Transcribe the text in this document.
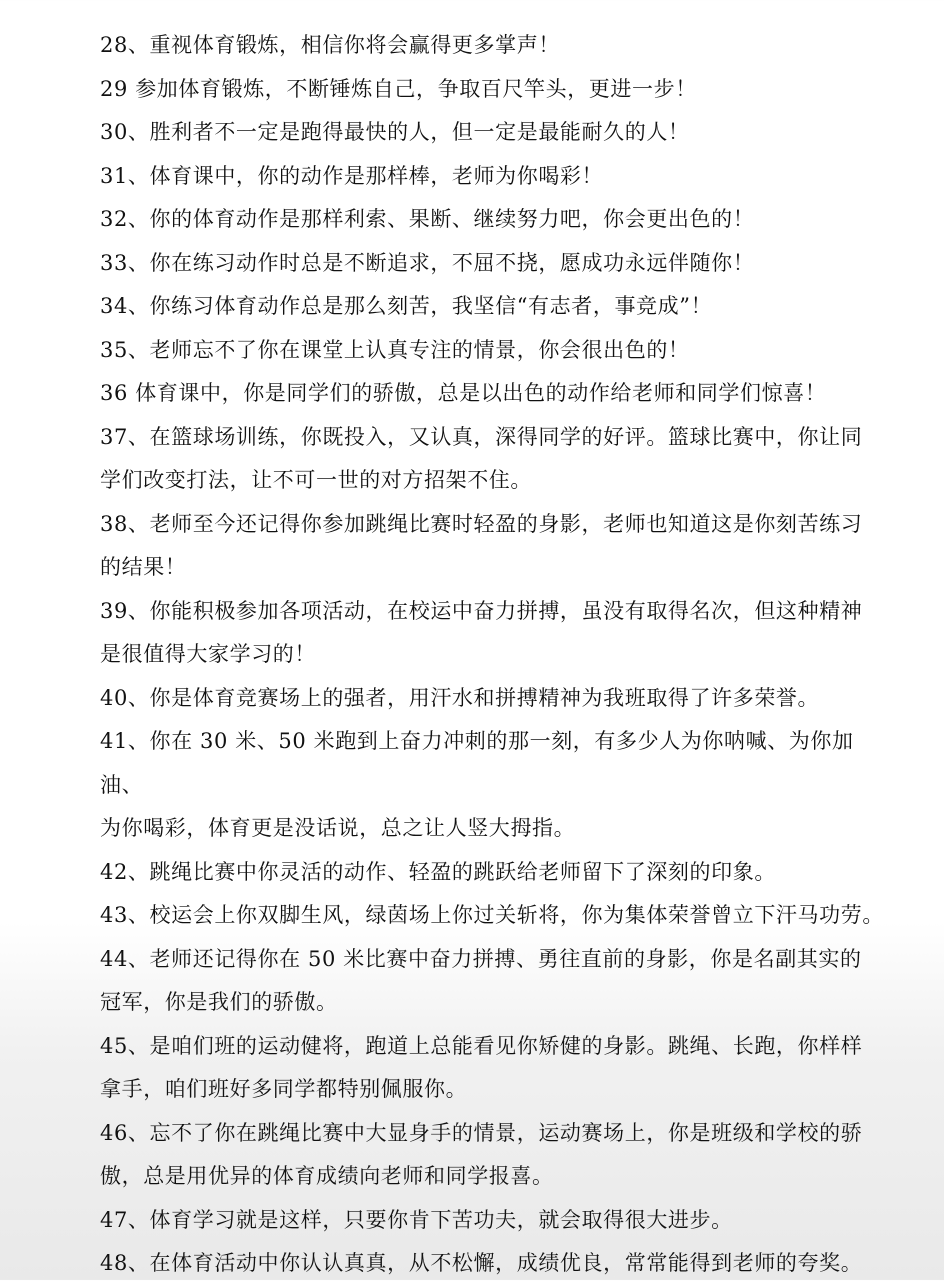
28、重视体育锻炼，相信你将会赢得更多掌声！

29 参加体育锻炼，不断锤炼自己，争取百尺竿头，更进一步！

30、胜利者不一定是跑得最快的人，但一定是最能耐久的人！

31、体育课中，你的动作是那样棒，老师为你喝彩！

32、你的体育动作是那样利索、果断、继续努力吧，你会更出色的！

33、你在练习动作时总是不断追求，不屈不挠，愿成功永远伴随你！

34、你练习体育动作总是那么刻苦，我坚信“有志者，事竞成”！

35、老师忘不了你在课堂上认真专注的情景，你会很出色的！

36 体育课中，你是同学们的骄傲，总是以出色的动作给老师和同学们惊喜！

37、在篮球场训练，你既投入，又认真，深得同学的好评。篮球比赛中，你让同
学们改变打法，让不可一世的对方招架不住。

38、老师至今还记得你参加跳绳比赛时轻盈的身影，老师也知道这是你刻苦练习
的结果！

39、你能积极参加各项活动，在校运中奋力拼搏，虽没有取得名次，但这种精神
是很值得大家学习的！

40、你是体育竞赛场上的强者，用汗水和拼搏精神为我班取得了许多荣誉。

41、你在 30 米、50 米跑到上奋力冲刺的那一刻，有多少人为你呐喊、为你加油、
为你喝彩，体育更是没话说，总之让人竖大拇指。

42、跳绳比赛中你灵活的动作、轻盈的跳跃给老师留下了深刻的印象。

43、校运会上你双脚生风，绿茵场上你过关斩将，你为集体荣誉曾立下汗马功劳。

44、老师还记得你在 50 米比赛中奋力拼搏、勇往直前的身影，你是名副其实的
冠军，你是我们的骄傲。

45、是咱们班的运动健将，跑道上总能看见你矫健的身影。跳绳、长跑，你样样
拿手，咱们班好多同学都特别佩服你。

46、忘不了你在跳绳比赛中大显身手的情景，运动赛场上，你是班级和学校的骄
傲，总是用优异的体育成绩向老师和同学报喜。

47、体育学习就是这样，只要你肯下苦功夫，就会取得很大进步。

48、在体育活动中你认认真真，从不松懈，成绩优良，常常能得到老师的夸奖。
